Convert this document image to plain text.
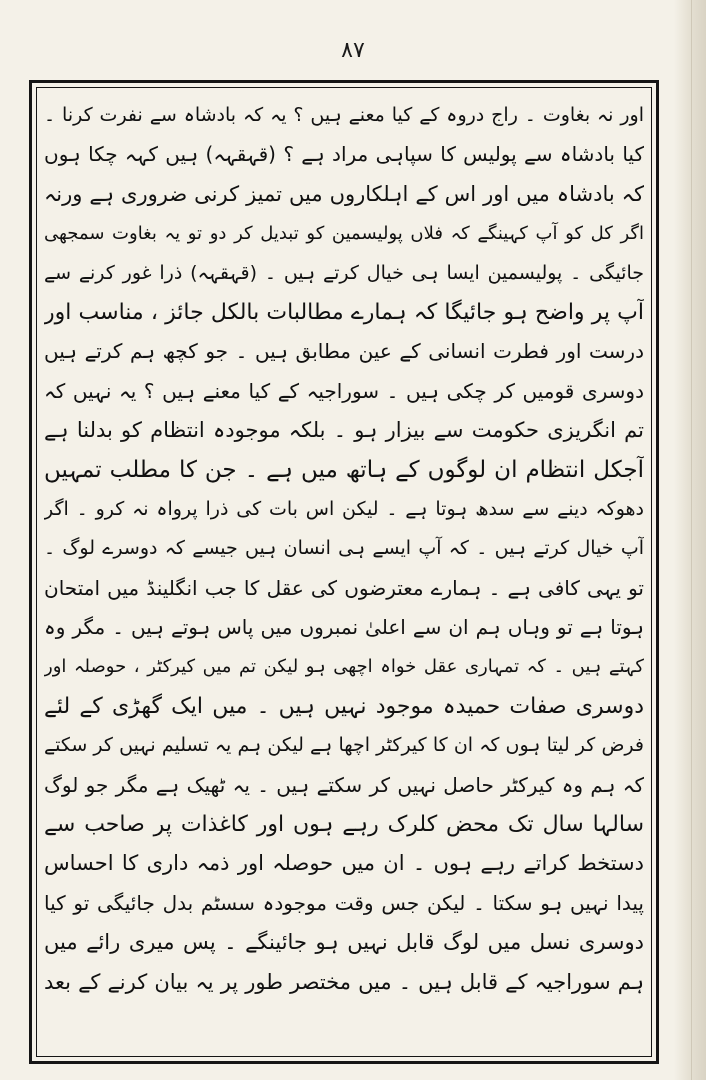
۸۷
اور نہ بغاوت ۔ راج دروہ کے کیا معنے ہیں ؟ یہ کہ بادشاہ سے نفرت کرنا ۔
کیا بادشاہ سے پولیس کا سپاہی مراد ہے ؟ (قہقہہ) ہیں کہہ چکا ہوں
کہ بادشاہ میں اور اس کے اہلکاروں میں تمیز کرنی ضروری ہے ورنہ
اگر کل کو آپ کہینگے کہ فلاں پولیسمین کو تبدیل کر دو تو یہ بغاوت سمجھی
جائیگی ۔ پولیسمین ایسا ہی خیال کرتے ہیں ۔ (قہقہہ) ذرا غور کرنے سے
آپ پر واضح ہو جائیگا کہ ہمارے مطالبات بالکل جائز ، مناسب اور
درست اور فطرت انسانی کے عین مطابق ہیں ۔ جو کچھ ہم کرتے ہیں
دوسری قومیں کر چکی ہیں ۔ سوراجیہ کے کیا معنے ہیں ؟ یہ نہیں کہ
تم انگریزی حکومت سے بیزار ہو ۔ بلکہ موجودہ انتظام کو بدلنا ہے
آجکل انتظام ان لوگوں کے ہاتھ میں ہے ۔ جن کا مطلب تمہیں
دھوکہ دینے سے سدھ ہوتا ہے ۔ لیکن اس بات کی ذرا پرواہ نہ کرو ۔ اگر
آپ خیال کرتے ہیں ۔ کہ آپ ایسے ہی انسان ہیں جیسے کہ دوسرے لوگ ۔
تو یہی کافی ہے ۔ ہمارے معترضوں کی عقل کا جب انگلینڈ میں امتحان
ہوتا ہے تو وہاں ہم ان سے اعلیٰ نمبروں میں پاس ہوتے ہیں ۔ مگر وہ
کہتے ہیں ۔ کہ تمہاری عقل خواہ اچھی ہو لیکن تم میں کیرکٹر ، حوصلہ اور
دوسری صفات حمیدہ موجود نہیں ہیں ۔ میں ایک گھڑی کے لئے
فرض کر لیتا ہوں کہ ان کا کیرکٹر اچھا ہے لیکن ہم یہ تسلیم نہیں کر سکتے
کہ ہم وہ کیرکٹر حاصل نہیں کر سکتے ہیں ۔ یہ ٹھیک ہے مگر جو لوگ
سالہا سال تک محض کلرک رہے ہوں اور کاغذات پر صاحب سے
دستخط کراتے رہے ہوں ۔ ان میں حوصلہ اور ذمہ داری کا احساس
پیدا نہیں ہو سکتا ۔ لیکن جس وقت موجودہ سسٹم بدل جائیگی تو کیا
دوسری نسل میں لوگ قابل نہیں ہو جائینگے ۔ پس میری رائے میں
ہم سوراجیہ کے قابل ہیں ۔ میں مختصر طور پر یہ بیان کرنے کے بعد
